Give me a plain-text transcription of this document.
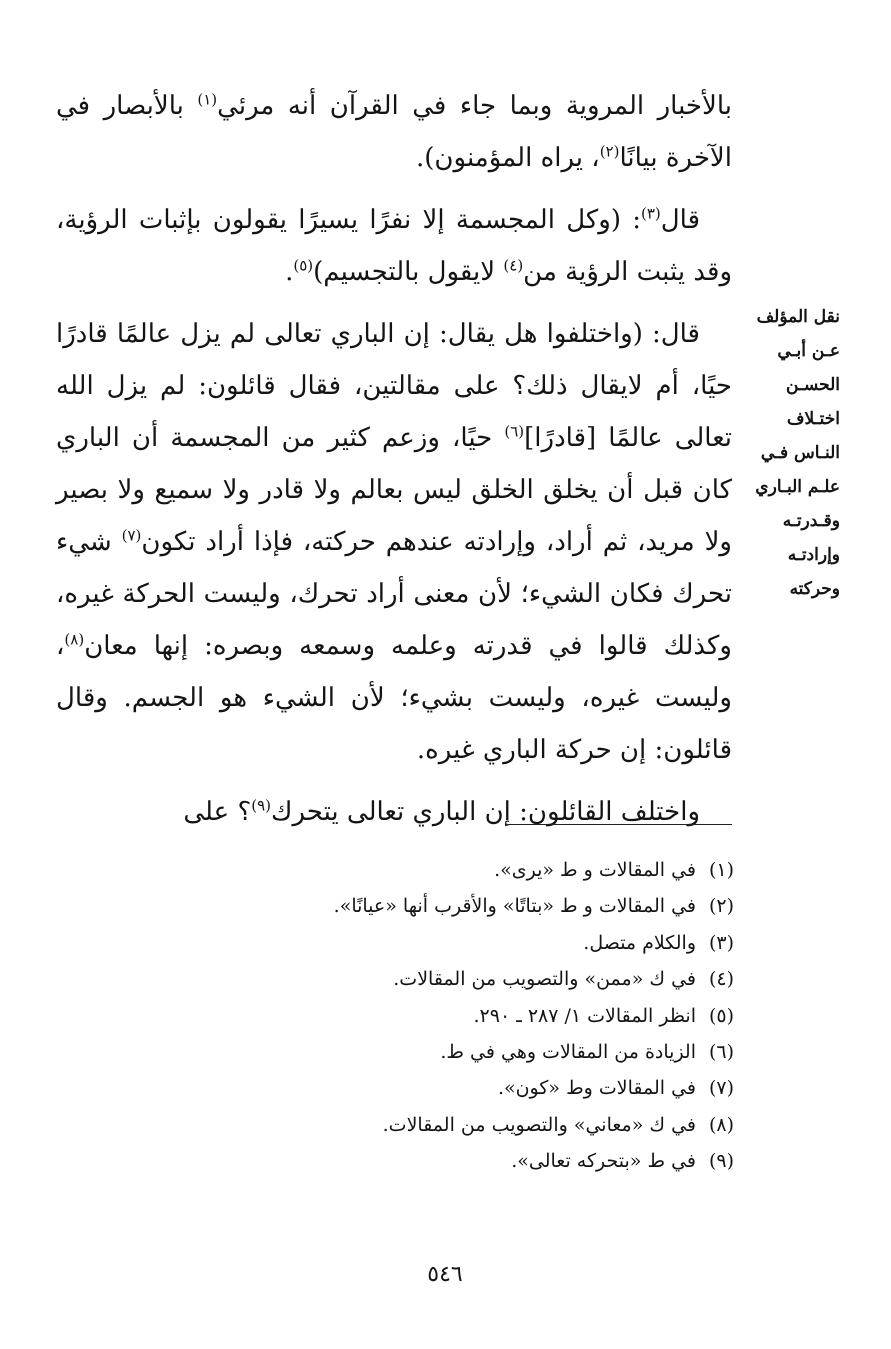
بالأخبار المروية وبما جاء في القرآن أنه مرئي$^{(١)}$ بالأبصار في الآخرة بيانًا$^{(٢)}$، يراه المؤمنون).

قال$^{(٣)}$: (وكل المجسمة إلا نفرًا يسيرًا يقولون بإثبات الرؤية، وقد يثبت الرؤية من$^{(٤)}$ لايقول بالتجسيم)$^{(٥)}$.

قال: (واختلفوا هل يقال: إن الباري تعالى لم يزل عالمًا قادرًا حيًا، أم لايقال ذلك؟ على مقالتين، فقال قائلون: لم يزل الله تعالى عالمًا [قادرًا]$^{(٦)}$ حيًا، وزعم كثير من المجسمة أن الباري كان قبل أن يخلق الخلق ليس بعالم ولا قادر ولا سميع ولا بصير ولا مريد، ثم أراد، وإرادته عندهم حركته، فإذا أراد تكون$^{(٧)}$ شيء تحرك فكان الشيء؛ لأن معنى أراد تحرك، وليست الحركة غيره، وكذلك قالوا في قدرته وعلمه وسمعه وبصره: إنها معان$^{(٨)}$، وليست غيره، وليست بشيء؛ لأن الشيء هو الجسم. وقال قائلون: إن حركة الباري غيره.

واختلف القائلون: إن الباري تعالى يتحرك$^{(٩)}$؟ على

نقل المؤلف
عـن أبـي
الحسـن
اختـلاف
النـاس فـي
علـم البـاري
وقـدرتـه
وإرادتـه
وحركته
(١)
في المقالات و ط «يرى».
(٢)
في المقالات و ط «بتاتًا» والأقرب أنها «عيانًا».
(٣)
والكلام متصل.
(٤)
في ك «ممن» والتصويب من المقالات.
(٥)
انظر المقالات ١/ ٢٨٧ ـ ٢٩٠.
(٦)
الزيادة من المقالات وهي في ط.
(٧)
في المقالات وط «كون».
(٨)
في ك «معاني» والتصويب من المقالات.
(٩)
في ط «بتحركه تعالى».
٥٤٦
